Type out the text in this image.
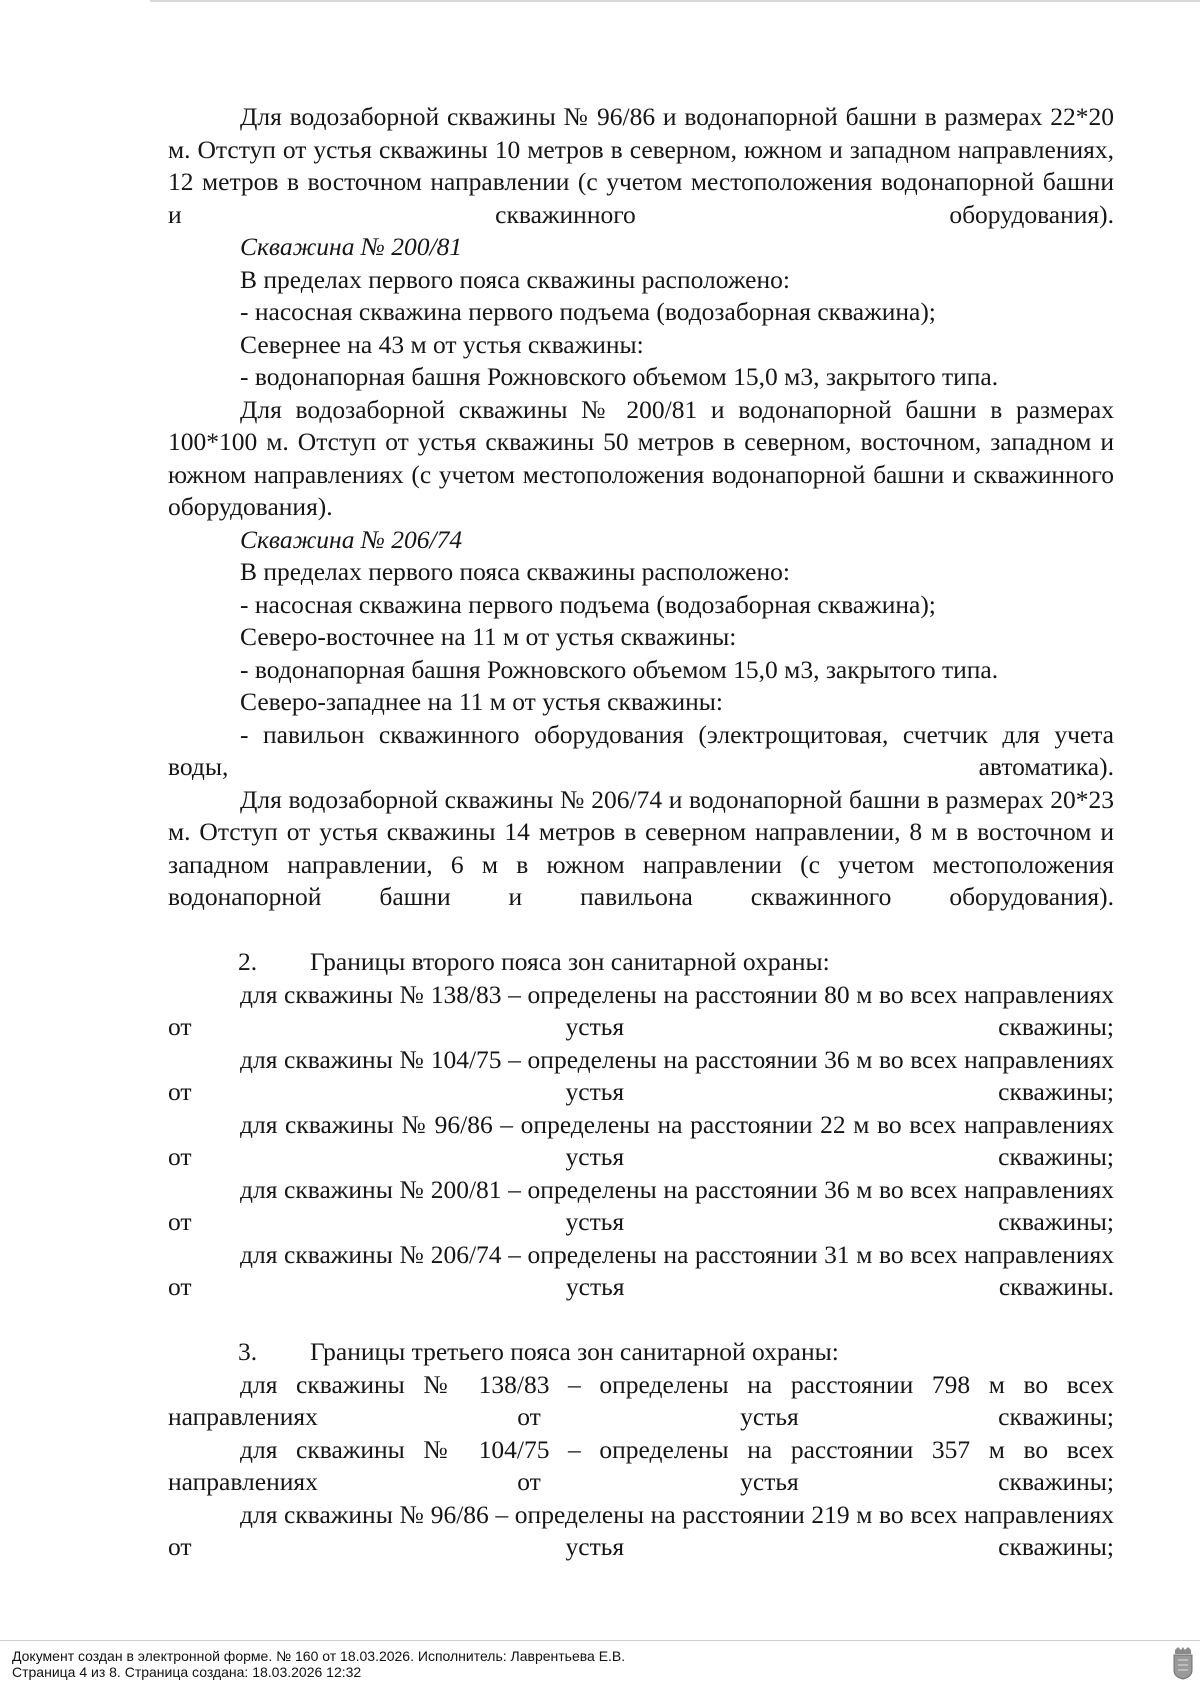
Для водозаборной скважины № 96/86 и водонапорной башни в размерах 22*20 м. Отступ от устья скважины 10 метров в северном, южном и западном направлениях, 12 метров в восточном направлении (с учетом местоположения водонапорной башни и скважинного оборудования).

Скважина № 200/81
В пределах первого пояса скважины расположено:
- насосная скважина первого подъема (водозаборная скважина);
Севернее на 43 м от устья скважины:
- водонапорная башня Рожновского объемом 15,0 м3, закрытого типа.

Для водозаборной скважины № 200/81 и водонапорной башни в размерах 100*100 м. Отступ от устья скважины 50 метров в северном, восточном, западном и южном направлениях (с учетом местоположения водонапорной башни и скважинного оборудования).

Скважина № 206/74
В пределах первого пояса скважины расположено:
- насосная скважина первого подъема (водозаборная скважина);
Северо-восточнее на 11 м от устья скважины:
- водонапорная башня Рожновского объемом 15,0 м3, закрытого типа.
Северо-западнее на 11 м от устья скважины:

- павильон скважинного оборудования (электрощитовая, счетчик для учета воды, автоматика).

Для водозаборной скважины № 206/74 и водонапорной башни в размерах 20*23 м. Отступ от устья скважины 14 метров в северном направлении, 8 м в восточном и западном направлении, 6 м в южном направлении (с учетом местоположения водонапорной башни и павильона скважинного оборудования).

2. Границы второго пояса зон санитарной охраны:

для скважины № 138/83 – определены на расстоянии 80 м во всех направлениях от устья скважины;

для скважины № 104/75 – определены на расстоянии 36 м во всех направлениях от устья скважины;

для скважины № 96/86 – определены на расстоянии 22 м во всех направлениях от устья скважины;

для скважины № 200/81 – определены на расстоянии 36 м во всех направлениях от устья скважины;

для скважины № 206/74 – определены на расстоянии 31 м во всех направлениях от устья скважины.

3. Границы третьего пояса зон санитарной охраны:

для скважины № 138/83 – определены на расстоянии 798 м во всех направлениях от устья скважины;

для скважины № 104/75 – определены на расстоянии 357 м во всех направлениях от устья скважины;

для скважины № 96/86 – определены на расстоянии 219 м во всех направлениях от устья скважины;

Документ создан в электронной форме. № 160 от 18.03.2026. Исполнитель: Лаврентьева Е.В.
Страница 4 из 8. Страница создана: 18.03.2026 12:32
